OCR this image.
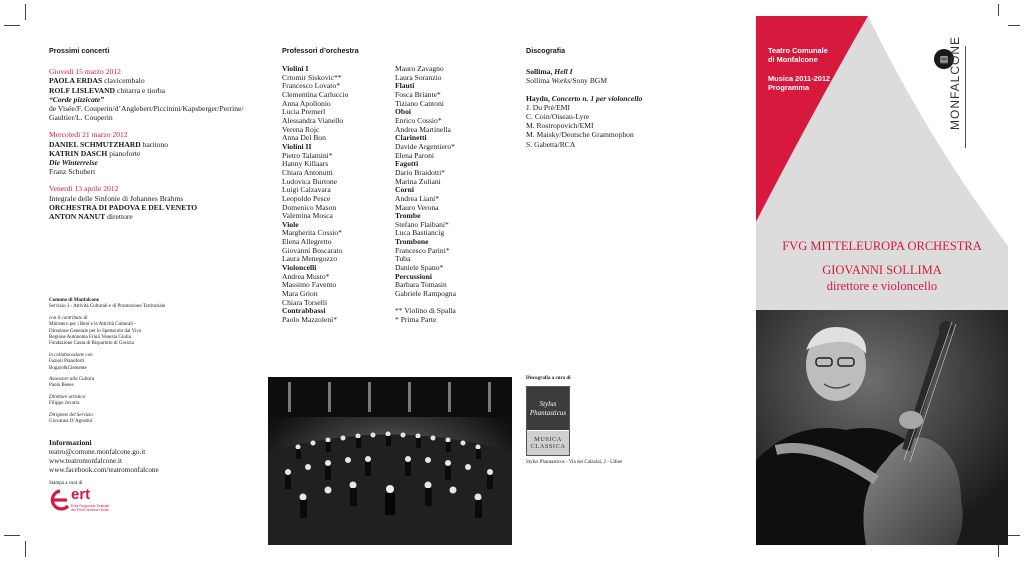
Prossimi concerti
Giovedì 15 marzo 2012
PAOLA ERDAS clavicembalo
ROLF LISLEVAND chitarra e tiorba
“Corde pizzicate”
de Visée/F. Couperin/d’Anglebert/Piccinini/Kapsberger/Perrine/
Gaultier/L. Couperin
Mercoledì 21 marzo 2012
DANIEL SCHMUTZHARD baritono
KATRIN DASCH pianoforte
Die Winterreise
Franz Schubert
Venerdì 13 aprile 2012
Integrale delle Sinfonie di Johannes Brahms
ORCHESTRA DI PADOVA E DEL VENETO
ANTON NANUT direttore
Comune di Monfalcone
Servizio 1 - Attività Culturali e di Promozione Territoriale
con il contributo di
Ministero per i Beni e le Attività Culturali -
Direzione Generale per lo Spettacolo dal Vivo
Regione Autonoma Friuli Venezia Giulia
Fondazione Cassa di Risparmio di Gorizia
in collaborazione con
Fazioli Pianoforti
Bogaro&Clemente
Assessore alla Cultura
Paola Benes
Direttore artistico
Filippo Juvarra
Dirigente del Servizio
Giovanna D’Agostini
Informazioni
teatro@comune.monfalcone.go.it
www.teatromonfalcone.it
www.facebook.com/teatromonfalcone
Stampa a cura di
ert
Ente Regionale Teatrale
del Friuli Venezia Giulia
Professori d’orchestra
Violini I
Crtomir Siskovic**
Francesco Lovato*
Clementina Carluccio
Anna Apollonio
Lucia Premerl
Alessandra Vianello
Verena Rojc
Anna Del Bon
Violini II
Pietro Talamini*
Hanny Killaars
Chiara Antonutti
Ludovica Burtone
Luigi Calzavara
Leopoldo Pesce
Domenico Mason
Valentina Mosca
Viole
Margherita Cossio*
Elena Allegretto
Giovanni Boscarato
Laura Menegozzo
Violoncelli
Andrea Musto*
Massimo Favento
Mara Grion
Chiara Torselli
Contrabbassi
Paolo Mazzoleni*
Mauro Zavagno
Laura Soranzio
Flauti
Fosca Briante*
Tiziano Cantoni
Oboi
Enrico Cossio*
Andrea Martinella
Clarinetti
Davide Argentiero*
Elena Paroni
Fagotti
Dario Braidotti*
Marina Zuliani
Corni
Andrea Liani*
Mauro Verona
Trombe
Stefano Flaibani*
Luca Bastiancig
Trombone
Francesco Parini*
Tuba
Daniele Spano*
Percussioni
Barbara Tomasin
Gabriele Rampogna

** Violino di Spalla
* Prima Parte
Discografia
Sollima, Hell I
Sollima Works/Sony BGM
Haydn, Concerto n. 1 per violoncello
J. Du Pré/EMI
C. Coin/Oiseau-Lyre
M. Rostropovich/EMI
M. Maisky/Deutsche Grammophon
S. Gabetta/RCA
Discografia a cura di
Stylus
Phantasticus
MUSICA
CLASSICA
Stylus Phantasticus - Via dei Calzolai, 2 - Udine
Teatro Comunale
di Monfalcone
Musica 2011-2012
Programma
FVG MITTELEUROPA ORCHESTRA
GIOVANNI SOLLIMA
direttore e violoncello
▤ MONFALCONE
